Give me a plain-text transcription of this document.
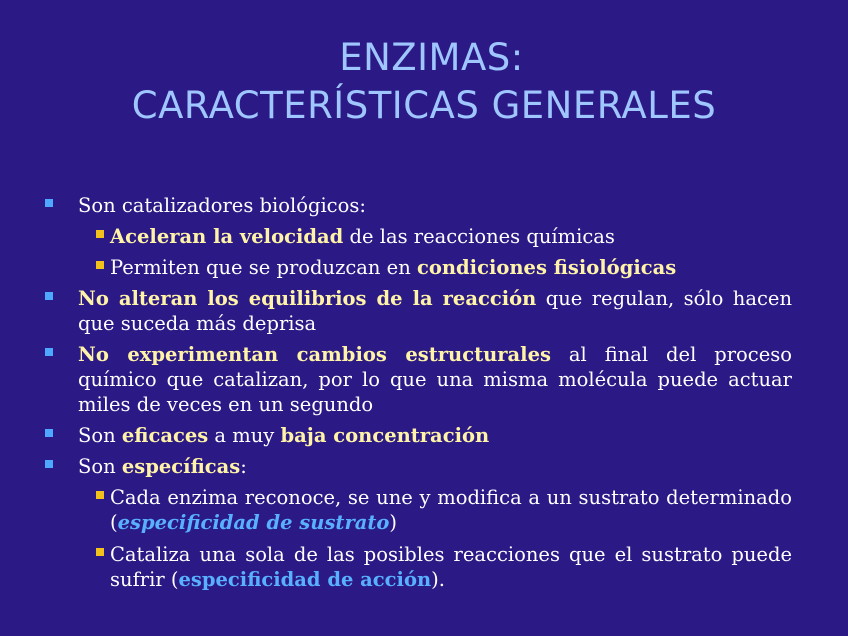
ENZIMAS:
CARACTERÍSTICAS GENERALES
Son catalizadores biológicos:
Aceleran la velocidad de las reacciones químicas
Permiten que se produzcan en condiciones fisiológicas
No alteran los equilibrios de la reacción que regulan, sólo hacen que suceda más deprisa
No experimentan cambios estructurales al final del proceso químico que catalizan, por lo que una misma molécula puede actuar miles de veces en un segundo
Son eficaces a muy baja concentración
Son específicas:
Cada enzima reconoce, se une y modifica a un sustrato determinado (especificidad de sustrato)
Cataliza una sola de las posibles reacciones que el sustrato puede sufrir (especificidad de acción).
